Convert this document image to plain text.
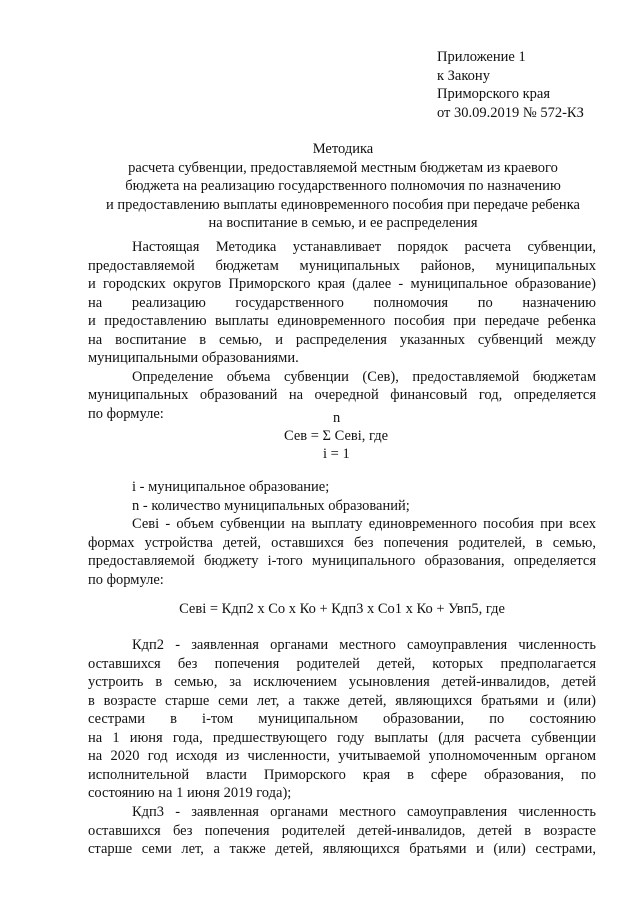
Приложение 1
к Закону
Приморского края
от 30.09.2019 № 572-КЗ
Методика
расчета субвенции, предоставляемой местным бюджетам из краевого
бюджета на реализацию государственного полномочия по назначению
и предоставлению выплаты единовременного пособия при передаче ребенка
на воспитание в семью, и ее распределения
Настоящая Методика устанавливает порядок расчета субвенции,
предоставляемой бюджетам муниципальных районов, муниципальных
и городских округов Приморского края (далее - муниципальное образование)
на реализацию государственного полномочия по назначению
и предоставлению выплаты единовременного пособия при передаче ребенка
на воспитание в семью, и распределения указанных субвенций между
муниципальными образованиями.
Определение объема субвенции (Сев), предоставляемой бюджетам
муниципальных образований на очередной финансовый год, определяется
по формуле:	n
Сев = Σ Севi, где
i = 1
i - муниципальное образование;
n - количество муниципальных образований;
Севi - объем субвенции на выплату единовременного пособия при всех
формах устройства детей, оставшихся без попечения родителей, в семью,
предоставляемой бюджету i-того муниципального образования, определяется
по формуле:
Севi = Кдп2 x Со x Ко + Кдп3 x Со1 x Ко + Увп5, где
Кдп2 - заявленная органами местного самоуправления численность
оставшихся без попечения родителей детей, которых предполагается
устроить в семью, за исключением усыновления детей-инвалидов, детей
в возрасте старше семи лет, а также детей, являющихся братьями и (или)
сестрами в i-том муниципальном образовании, по состоянию
на 1 июня года, предшествующего году выплаты (для расчета субвенции
на 2020 год исходя из численности, учитываемой уполномоченным органом
исполнительной власти Приморского края в сфере образования, по
состоянию на 1 июня 2019 года);
Кдп3 - заявленная органами местного самоуправления численность
оставшихся без попечения родителей детей-инвалидов, детей в возрасте
старше семи лет, а также детей, являющихся братьями и (или) сестрами,
